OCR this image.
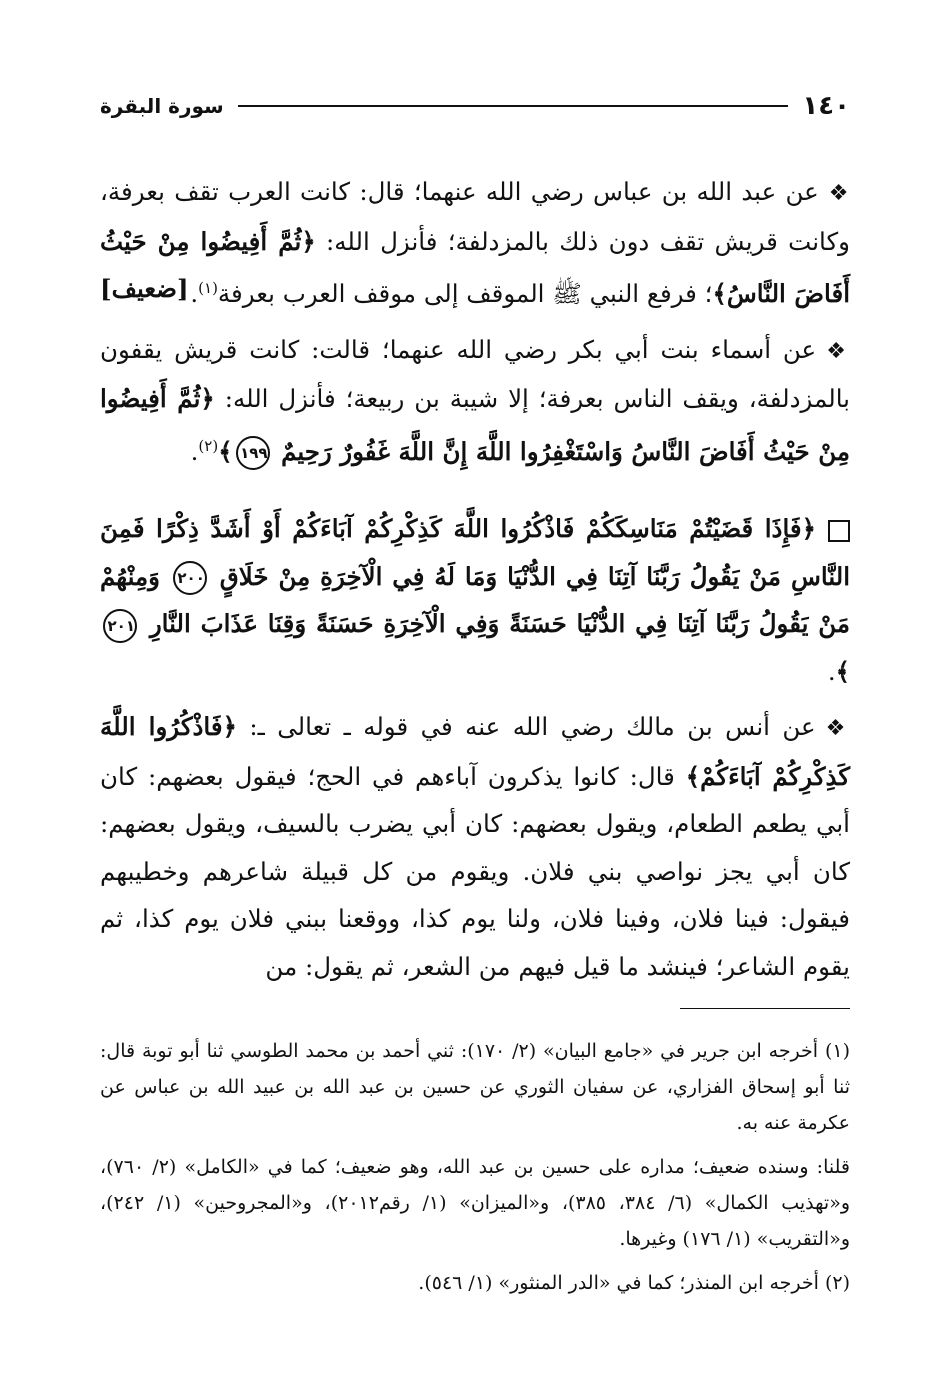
١٤٠
سورة البقرة

❖عن عبد الله بن عباس رضي الله عنهما؛ قال: كانت العرب تقف بعرفة، وكانت قريش تقف دون ذلك بالمزدلفة؛ فأنزل الله: ﴿ثُمَّ أَفِيضُوا مِنْ حَيْثُ أَفَاضَ النَّاسُ﴾؛ فرفع النبي ﷺ الموقف إلى موقف العرب بعرفة$^{(١)}$.
[ضعيف]

❖عن أسماء بنت أبي بكر رضي الله عنهما؛ قالت: كانت قريش يقفون بالمزدلفة، ويقف الناس بعرفة؛ إلا شيبة بن ربيعة؛ فأنزل الله: ﴿ثُمَّ أَفِيضُوا مِنْ حَيْثُ أَفَاضَ النَّاسُ وَاسْتَغْفِرُوا اللَّهَ إِنَّ اللَّهَ غَفُورٌ رَحِيمٌ ١٩٩﴾$^{(٢)}$.

﴿فَإِذَا قَضَيْتُمْ مَنَاسِكَكُمْ فَاذْكُرُوا اللَّهَ كَذِكْرِكُمْ آبَاءَكُمْ أَوْ أَشَدَّ ذِكْرًا فَمِنَ النَّاسِ مَنْ يَقُولُ رَبَّنَا آتِنَا فِي الدُّنْيَا وَمَا لَهُ فِي الْآخِرَةِ مِنْ خَلَاقٍ ٢٠٠ وَمِنْهُمْ مَنْ يَقُولُ رَبَّنَا آتِنَا فِي الدُّنْيَا حَسَنَةً وَفِي الْآخِرَةِ حَسَنَةً وَقِنَا عَذَابَ النَّارِ ٢٠١﴾.

❖عن أنس بن مالك رضي الله عنه في قوله ـ تعالى ـ: ﴿فَاذْكُرُوا اللَّهَ كَذِكْرِكُمْ آبَاءَكُمْ﴾ قال: كانوا يذكرون آباءهم في الحج؛ فيقول بعضهم: كان أبي يطعم الطعام، ويقول بعضهم: كان أبي يضرب بالسيف، ويقول بعضهم: كان أبي يجز نواصي بني فلان. ويقوم من كل قبيلة شاعرهم وخطيبهم فيقول: فينا فلان، وفينا فلان، ولنا يوم كذا، ووقعنا ببني فلان يوم كذا، ثم يقوم الشاعر؛ فينشد ما قيل فيهم من الشعر، ثم يقول: من

(١) أخرجه ابن جرير في «جامع البيان» (٢/ ١٧٠): ثني أحمد بن محمد الطوسي ثنا أبو توبة قال: ثنا أبو إسحاق الفزاري، عن سفيان الثوري عن حسين بن عبد الله بن عبيد الله بن عباس عن عكرمة عنه به.

قلنا: وسنده ضعيف؛ مداره على حسين بن عبد الله، وهو ضعيف؛ كما في «الكامل» (٢/ ٧٦٠)، و«تهذيب الكمال» (٦/ ٣٨٤، ٣٨٥)، و«الميزان» (١/ رقم٢٠١٢)، و«المجروحين» (١/ ٢٤٢)، و«التقريب» (١/ ١٧٦) وغيرها.

(٢) أخرجه ابن المنذر؛ كما في «الدر المنثور» (١/ ٥٤٦).
